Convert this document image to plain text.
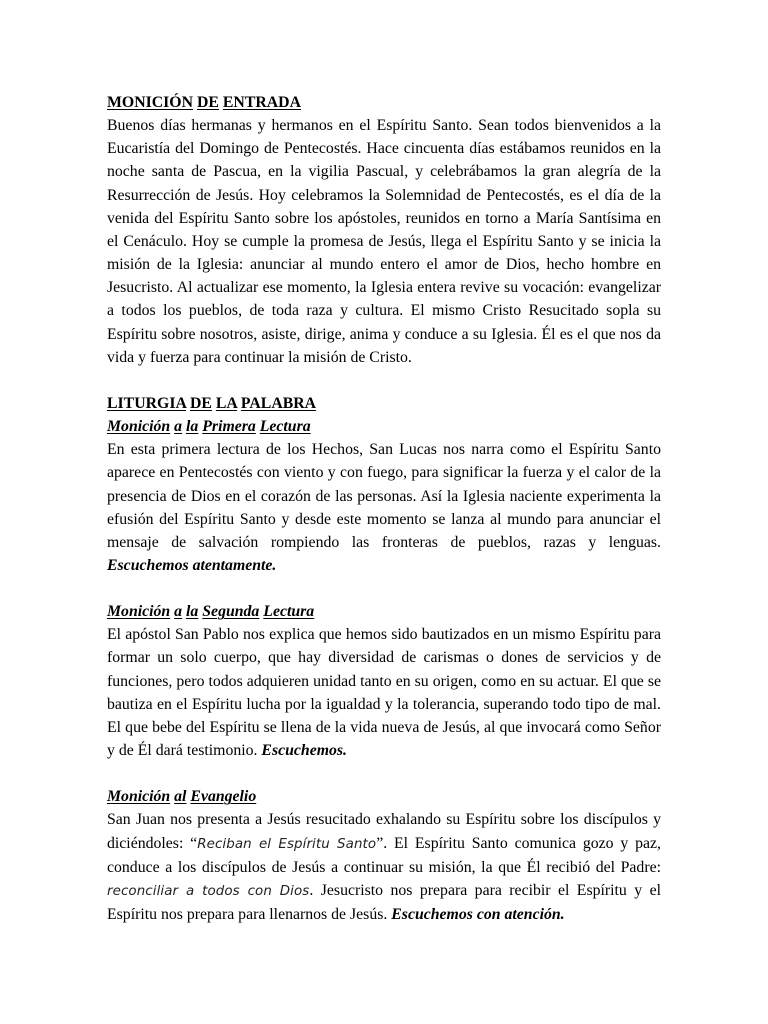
MONICIÓN DE ENTRADA

Buenos días hermanas y hermanos en el Espíritu Santo. Sean todos bienvenidos a la Eucaristía del Domingo de Pentecostés. Hace cincuenta días estábamos reunidos en la noche santa de Pascua, en la vigilia Pascual, y celebrábamos la gran alegría de la Resurrección de Jesús. Hoy celebramos la Solemnidad de Pentecostés, es el día de la venida del Espíritu Santo sobre los apóstoles, reunidos en torno a María Santísima en el Cenáculo. Hoy se cumple la promesa de Jesús, llega el Espíritu Santo y se inicia la misión de la Iglesia: anunciar al mundo entero el amor de Dios, hecho hombre en Jesucristo. Al actualizar ese momento, la Iglesia entera revive su vocación: evangelizar a todos los pueblos, de toda raza y cultura. El mismo Cristo Resucitado sopla su Espíritu sobre nosotros, asiste, dirige, anima y conduce a su Iglesia. Él es el que nos da vida y fuerza para continuar la misión de Cristo.

LITURGIA DE LA PALABRA
Monición a la Primera Lectura

En esta primera lectura de los Hechos, San Lucas nos narra como el Espíritu Santo aparece en Pentecostés con viento y con fuego, para significar la fuerza y el calor de la presencia de Dios en el corazón de las personas. Así la Iglesia naciente experimenta la efusión del Espíritu Santo y desde este momento se lanza al mundo para anunciar el mensaje de salvación rompiendo las fronteras de pueblos, razas y lenguas. Escuchemos atentamente.

Monición a la Segunda Lectura

El apóstol San Pablo nos explica que hemos sido bautizados en un mismo Espíritu para formar un solo cuerpo, que hay diversidad de carismas o dones de servicios y de funciones, pero todos adquieren unidad tanto en su origen, como en su actuar. El que se bautiza en el Espíritu lucha por la igualdad y la tolerancia, superando todo tipo de mal. El que bebe del Espíritu se llena de la vida nueva de Jesús, al que invocará como Señor y de Él dará testimonio. Escuchemos.

Monición al Evangelio

San Juan nos presenta a Jesús resucitado exhalando su Espíritu sobre los discípulos y diciéndoles: “Reciban el Espíritu Santo”. El Espíritu Santo comunica gozo y paz, conduce a los discípulos de Jesús a continuar su misión, la que Él recibió del Padre: reconciliar a todos con Dios. Jesucristo nos prepara para recibir el Espíritu y el Espíritu nos prepara para llenarnos de Jesús. Escuchemos con atención.
